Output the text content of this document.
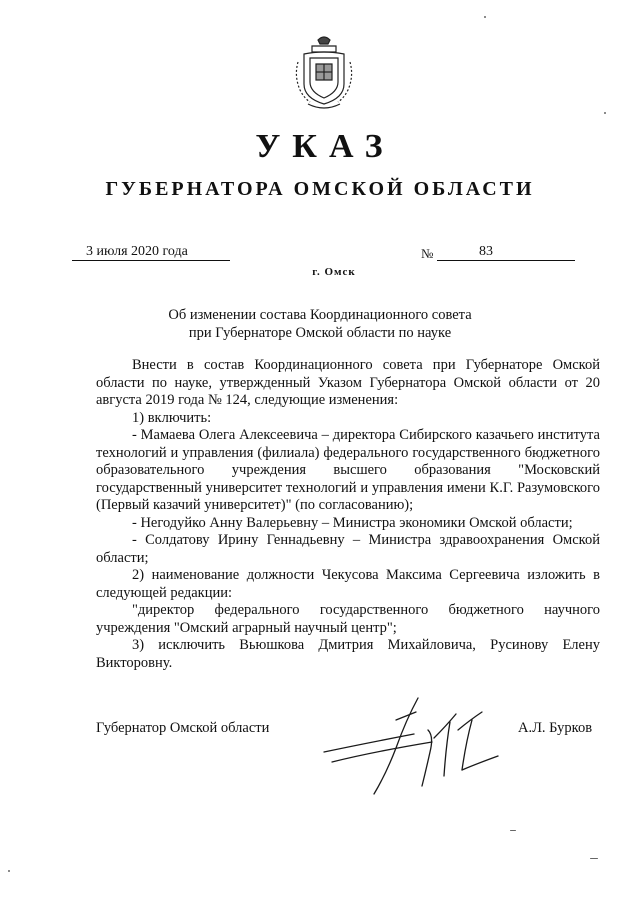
УКАЗ
ГУБЕРНАТОРА ОМСКОЙ ОБЛАСТИ
3 июля 2020 года	№	83
г. Омск
Об изменении состава Координационного совета
при Губернаторе Омской области по науке

Внести в состав Координационного совета при Губернаторе Омской области по науке, утвержденный Указом Губернатора Омской области от 20 августа 2019 года № 124, следующие изменения:

1) включить:

- Мамаева Олега Алексеевича – директора Сибирского казачьего института технологий и управления (филиала) федерального государственного бюджетного образовательного учреждения высшего образования "Московский государственный университет технологий и управления имени К.Г. Разумовского (Первый казачий университет)" (по согласованию);

- Негодуйко Анну Валерьевну – Министра экономики Омской области;

- Солдатову Ирину Геннадьевну – Министра здравоохранения Омской области;

2) наименование должности Чекусова Максима Сергеевича изложить в следующей редакции:

"директор федерального государственного бюджетного научного учреждения "Омский аграрный научный центр";

3) исключить Вьюшкова Дмитрия Михайловича, Русинову Елену Викторовну.

Губернатор Омской области	А.Л. Бурков
